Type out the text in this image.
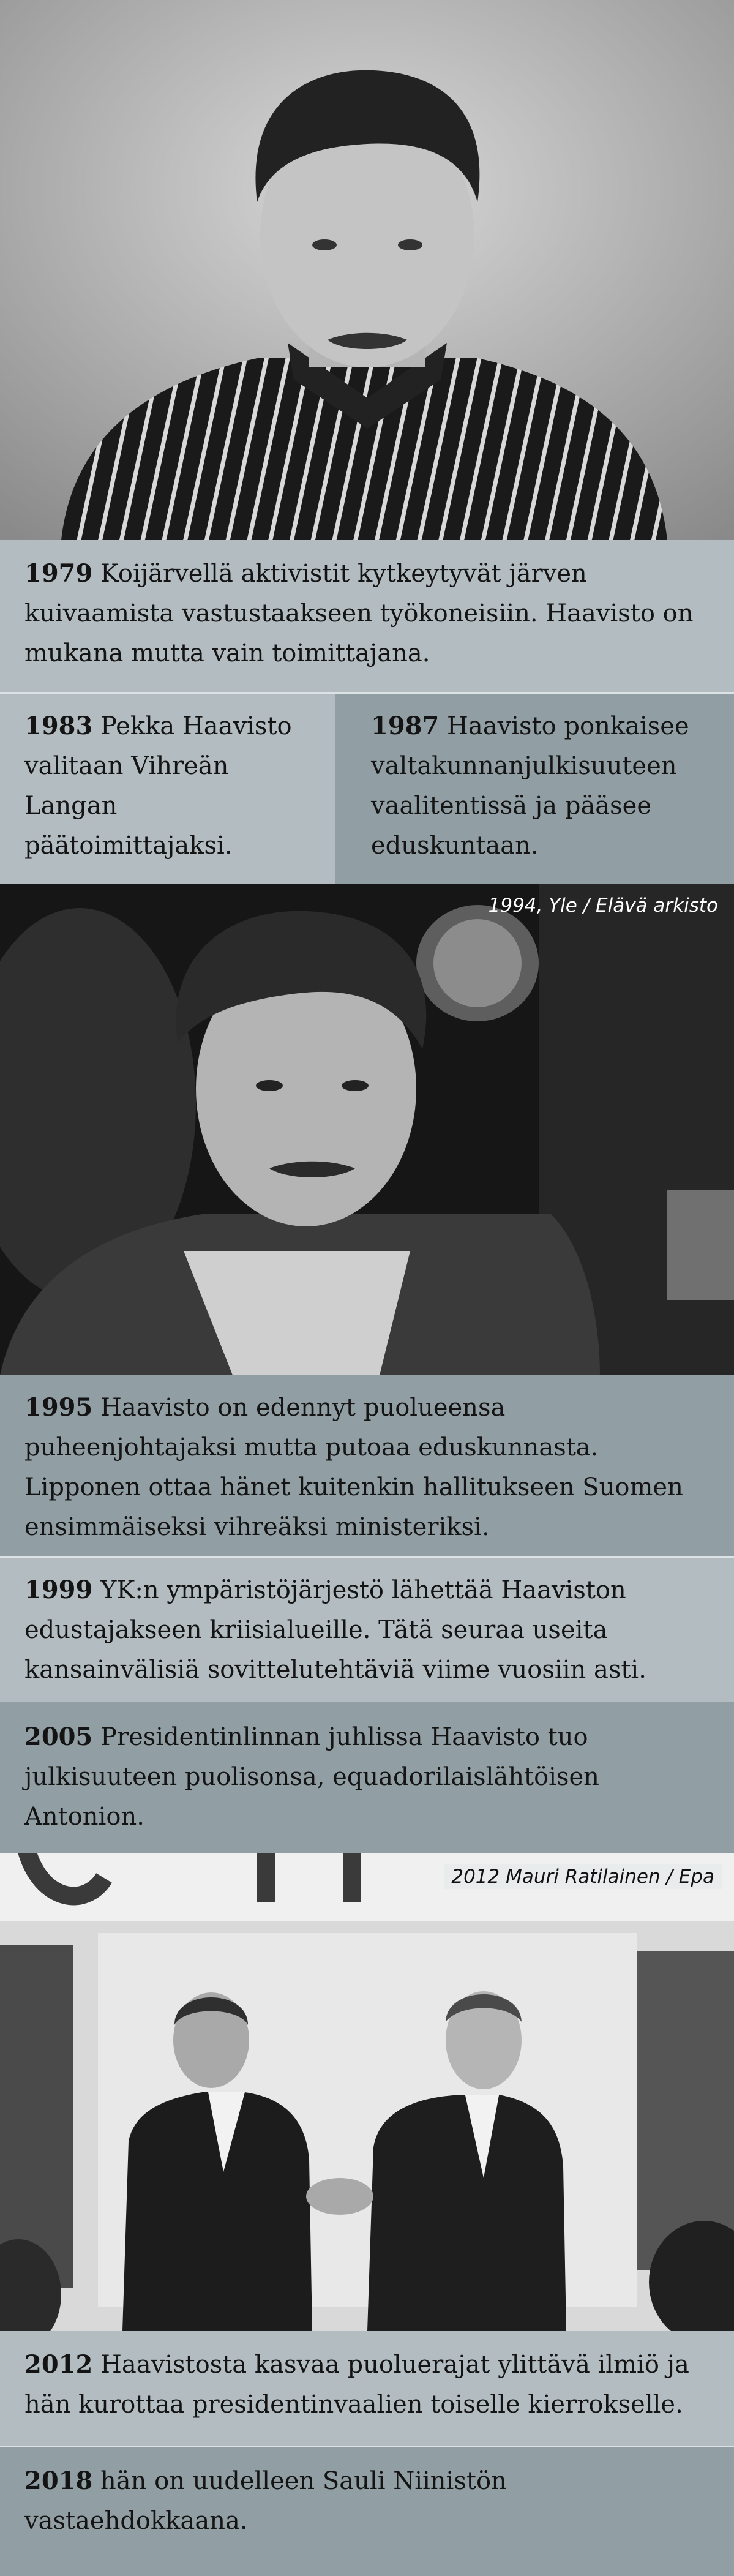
1979 Koijärvellä aktivistit kytkeytyvät järven kuivaamista vastustaakseen työkoneisiin. Haavisto on mukana mutta vain toimittajana.
1983 Pekka Haavisto valitaan Vihreän Langan päätoimittajaksi.
1987 Haavisto ponkaisee valtakunnanjulkisuuteen vaalitentissä ja pääsee eduskuntaan.
1994, Yle / Elävä arkisto
1995 Haavisto on edennyt puolueensa puheenjohtajaksi mutta putoaa eduskunnasta. Lipponen ottaa hänet kuitenkin hallitukseen Suomen ensimmäiseksi vihreäksi ministeriksi.
1999 YK:n ympäristöjärjestö lähettää Haaviston edustajakseen kriisialueille. Tätä seuraa useita kansainvälisiä sovittelutehtäviä viime vuosiin asti.
2005 Presidentinlinnan juhlissa Haavisto tuo julkisuuteen puolisonsa, equadorilaislähtöisen Antonion.
2012 Mauri Ratilainen / Epa
2012 Haavistosta kasvaa puoluerajat ylittävä ilmiö ja hän kurottaa presidentinvaalien toiselle kierrokselle.
2018 hän on uudelleen Sauli Niinistön vastaehdokkaana.
